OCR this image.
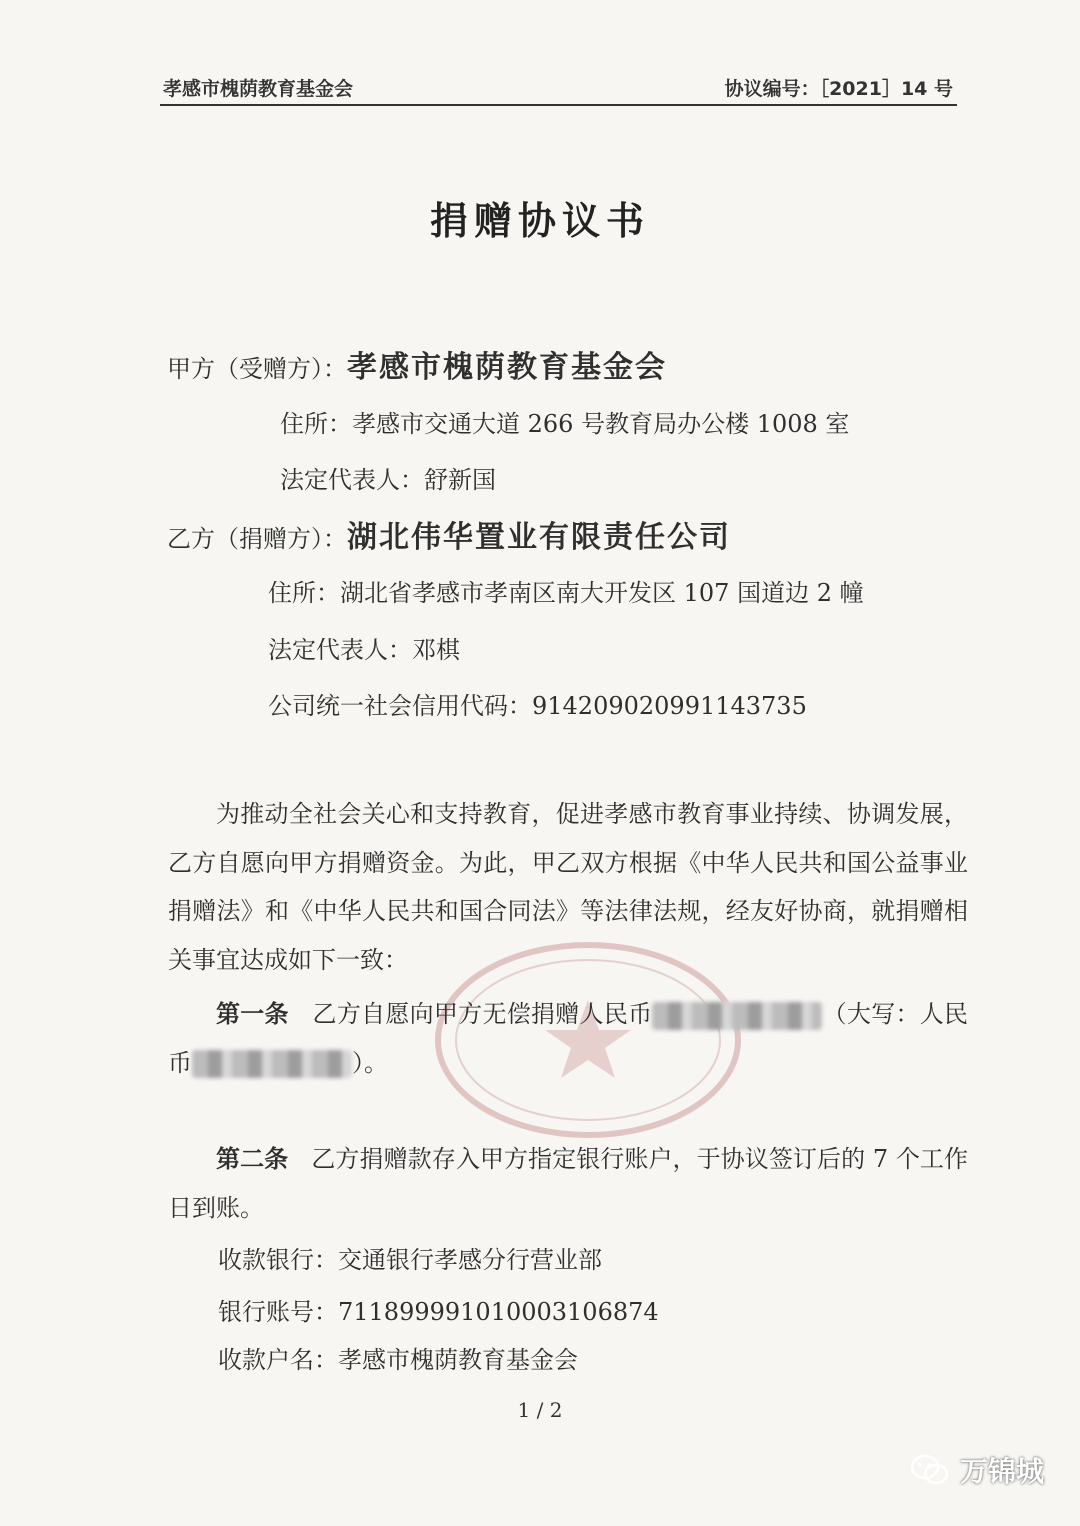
孝感市槐荫教育基金会	协议编号：［2021］14 号
捐赠协议书
甲方（受赠方）：孝感市槐荫教育基金会
住所：孝感市交通大道 266 号教育局办公楼 1008 室
法定代表人：舒新国
乙方（捐赠方）：湖北伟华置业有限责任公司
住所：湖北省孝感市孝南区南大开发区 107 国道边 2 幢
法定代表人：邓棋
公司统一社会信用代码：914209020991143735
为推动全社会关心和支持教育，促进孝感市教育事业持续、协调发展，乙方自愿向甲方捐赠资金。为此，甲乙双方根据《中华人民共和国公益事业捐赠法》和《中华人民共和国合同法》等法律法规，经友好协商，就捐赠相关事宜达成如下一致：
第一条 乙方自愿向甲方无偿捐赠人民币	（大写：人民币	）。
第二条 乙方捐赠款存入甲方指定银行账户，于协议签订后的 7 个工作日到账。
收款银行：交通银行孝感分行营业部
银行账号：711899991010003106874
收款户名：孝感市槐荫教育基金会
1 / 2
万锦城
